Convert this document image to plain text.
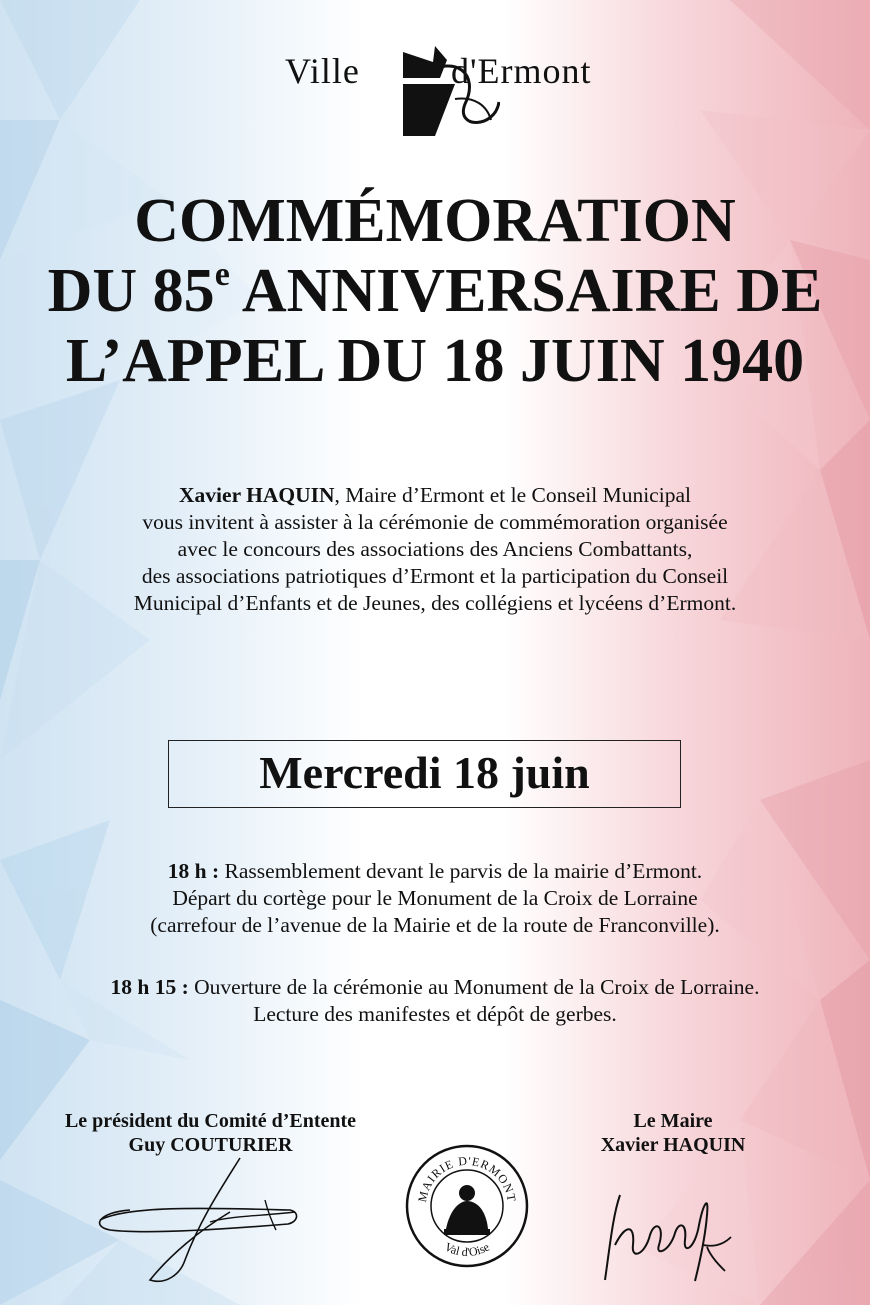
Ville	d'Ermont
COMMÉMORATION
DU 85e ANNIVERSAIRE DE
L’APPEL DU 18 JUIN 1940
Xavier HAQUIN, Maire d’Ermont et le Conseil Municipal
vous invitent à assister à la cérémonie de commémoration organisée
avec le concours des associations des Anciens Combattants,
des associations patriotiques d’Ermont et la participation du Conseil
Municipal d’Enfants et de Jeunes, des collégiens et lycéens d’Ermont.
Mercredi 18 juin
18 h : Rassemblement devant le parvis de la mairie d’Ermont.
Départ du cortège pour le Monument de la Croix de Lorraine
(carrefour de l’avenue de la Mairie et de la route de Franconville).
18 h 15 : Ouverture de la cérémonie au Monument de la Croix de Lorraine.
Lecture des manifestes et dépôt de gerbes.
Le président du Comité d’Entente
Guy COUTURIER
Le Maire
Xavier HAQUIN
MAIRIE D'ERMONT
Val d'Oise
